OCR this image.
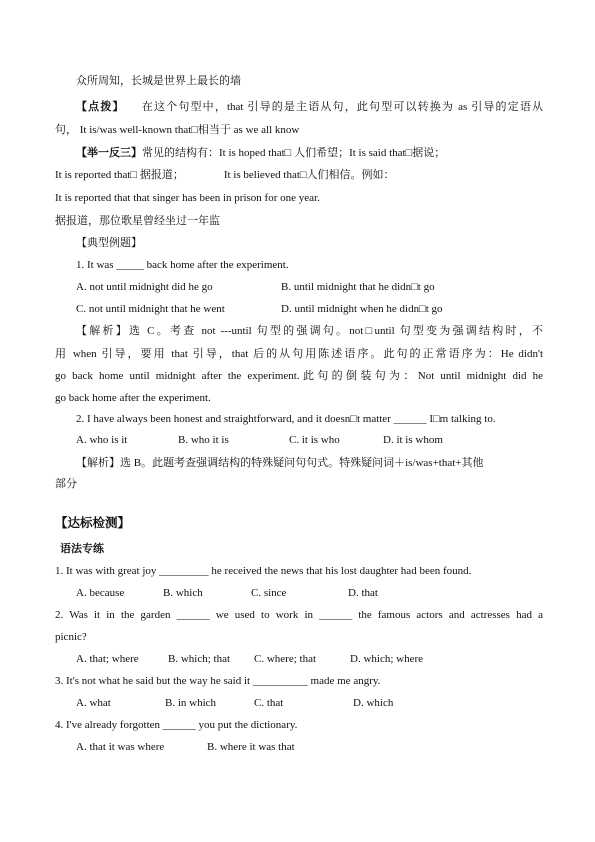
众所周知，长城是世界上最长的墙
【点拨】 在这个句型中，that 引导的是主语从句，此句型可以转换为 as 引导的定语从
句， It is/was well-known that□相当于 as we all know
【举一反三】常见的结构有：It is hoped that□ 人们希望；It is said that□据说；
It is reported that□ 据报道；	It is believed that□人们相信。例如：
It is reported that that singer has been in prison for one year.
据报道，那位歌星曾经坐过一年监
【典型例题】
1. It was _____ back home after the experiment.
A. not until midnight did he go	B. until midnight that he didn□t go
C. not until midnight that he went	D. until midnight when he didn□t go
【解析】选 C。考查 not ---until 句型的强调句。not□until 句型变为强调结构时，不
用 when 引导，要用 that 引导，that 后的从句用陈述语序。此句的正常语序为：He didn't
go back home until midnight after the experiment.此句的倒装句为：Not until midnight did he
go back home after the experiment.
2. I have always been honest and straightforward, and it doesn□t matter ______ I□m talking to.
A. who is it	B. who it is	C. it is who	D. it is whom
【解析】选 B。此题考查强调结构的特殊疑问句句式。特殊疑问词＋is/was+that+其他
部分
【达标检测】
语法专练
1. It was with great joy _________ he received the news that his lost daughter had been found.
A. because	B. which	C. since	D. that
2. Was it in the garden ______ we used to work in ______ the famous actors and actresses had a
picnic?
A. that; where	B. which; that C. where; that	D. which; where
3. It's not what he said but the way he said it __________ made me angry.
A. what	B. in which	C. that	D. which
4. I've already forgotten ______ you put the dictionary.
A. that it was where	B. where it was that
